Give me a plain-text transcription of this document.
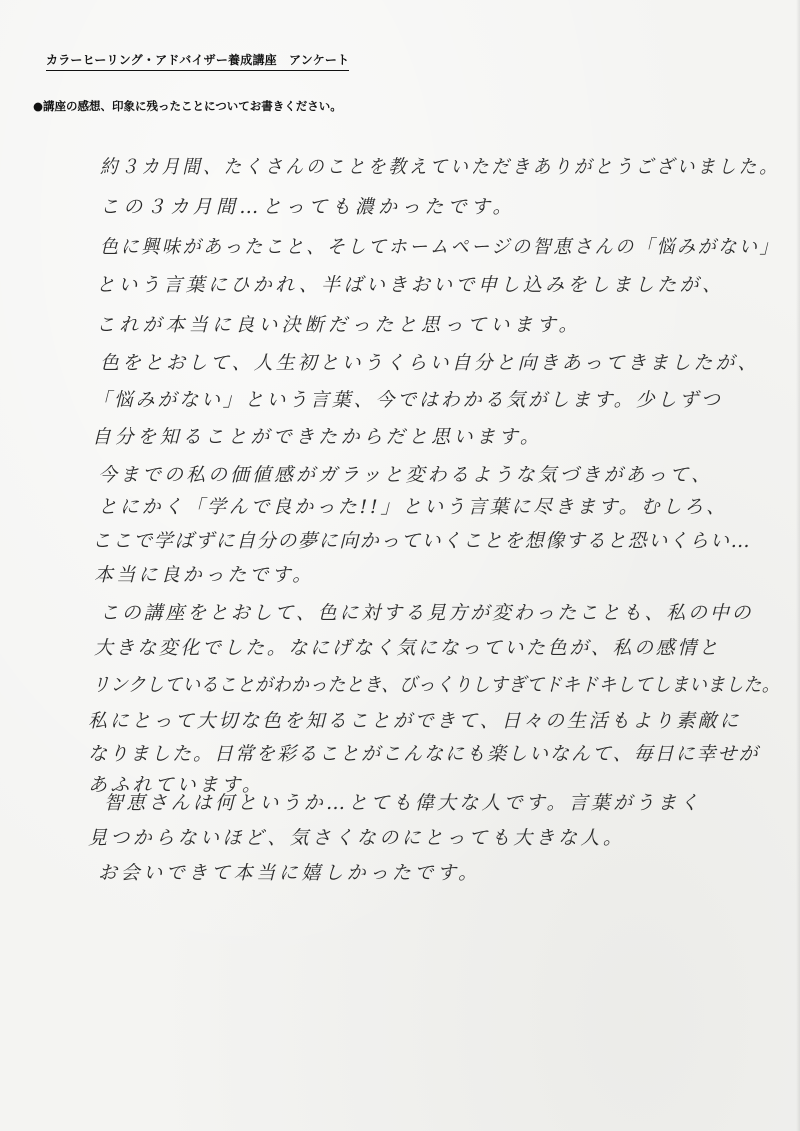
カラーヒーリング・アドバイザー養成講座　アンケート
●講座の感想、印象に残ったことについてお書きください。
約３カ月間、たくさんのことを教えていただきありがとうございました。
この３カ月間…とっても濃かったです。
色に興味があったこと、そしてホームページの智恵さんの「悩みがない」
という言葉にひかれ、半ばいきおいで申し込みをしましたが、
これが本当に良い決断だったと思っています。
色をとおして、人生初というくらい自分と向きあってきましたが、
「悩みがない」という言葉、今ではわかる気がします。少しずつ
自分を知ることができたからだと思います。
今までの私の価値感がガラッと変わるような気づきがあって、
とにかく「学んで良かった!!」という言葉に尽きます。むしろ、
ここで学ばずに自分の夢に向かっていくことを想像すると恐いくらい…
本当に良かったです。
この講座をとおして、色に対する見方が変わったことも、私の中の
大きな変化でした。なにげなく気になっていた色が、私の感情と
リンクしていることがわかったとき、びっくりしすぎてドキドキしてしまいました。
私にとって大切な色を知ることができて、日々の生活もより素敵に
なりました。日常を彩ることがこんなにも楽しいなんて、毎日に幸せが
あふれています。
智恵さんは何というか…とても偉大な人です。言葉がうまく
見つからないほど、気さくなのにとっても大きな人。
お会いできて本当に嬉しかったです。
